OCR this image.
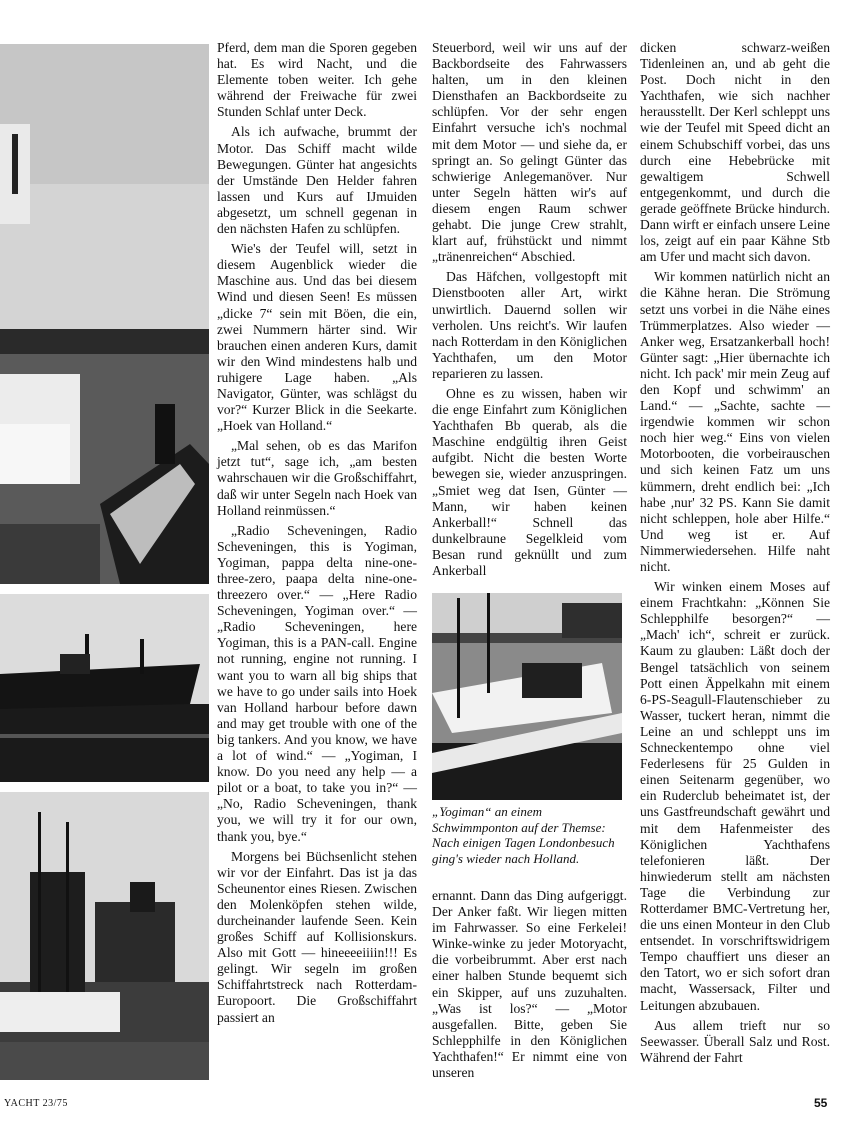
Pferd, dem man die Sporen gegeben hat. Es wird Nacht, und die Elemente toben weiter. Ich gehe während der Freiwache für zwei Stunden Schlaf unter Deck.

Als ich aufwache, brummt der Motor. Das Schiff macht wilde Bewegungen. Günter hat angesichts der Umstände Den Helder fahren lassen und Kurs auf IJmuiden abgesetzt, um schnell gegenan in den nächsten Hafen zu schlüpfen.

Wie's der Teufel will, setzt in diesem Augenblick wieder die Maschine aus. Und das bei diesem Wind und diesen Seen! Es müssen „dicke 7“ sein mit Böen, die ein, zwei Nummern härter sind. Wir brauchen einen anderen Kurs, damit wir den Wind mindestens halb und ruhigere Lage haben. „Als Navigator, Günter, was schlägst du vor?“ Kurzer Blick in die Seekarte. „Hoek van Holland.“

„Mal sehen, ob es das Marifon jetzt tut“, sage ich, „am besten wahrschauen wir die Großschiffahrt, daß wir unter Segeln nach Hoek van Holland reinmüssen.“

„Radio Scheveningen, Radio Scheveningen, this is Yogiman, Yogiman, pappa delta nine-one-three-zero, paapa delta nine-one-threezero over.“ — „Here Radio Scheveningen, Yogiman over.“ — „Radio Scheveningen, here Yogiman, this is a PAN-call. Engine not running, engine not running. I want you to warn all big ships that we have to go under sails into Hoek van Holland harbour before dawn and may get trouble with one of the big tankers. And you know, we have a lot of wind.“ — „Yogiman, I know. Do you need any help — a pilot or a boat, to take you in?“ — „No, Radio Scheveningen, thank you, we will try it for our own, thank you, bye.“

Morgens bei Büchsenlicht stehen wir vor der Einfahrt. Das ist ja das Scheunentor eines Riesen. Zwischen den Molenköpfen stehen wilde, durcheinander laufende Seen. Kein großes Schiff auf Kollisionskurs. Also mit Gott — hineeeeiiiin!!! Es gelingt. Wir segeln im großen Schiffahrtstreck nach Rotterdam-Europoort. Die Großschiffahrt passiert an

Steuerbord, weil wir uns auf der Backbordseite des Fahrwassers halten, um in den kleinen Diensthafen an Backbordseite zu schlüpfen. Vor der sehr engen Einfahrt versuche ich's nochmal mit dem Motor — und siehe da, er springt an. So gelingt Günter das schwierige Anlegemanöver. Nur unter Segeln hätten wir's auf diesem engen Raum schwer gehabt. Die junge Crew strahlt, klart auf, frühstückt und nimmt „tränenreichen“ Abschied.

Das Häfchen, vollgestopft mit Dienstbooten aller Art, wirkt unwirtlich. Dauernd sollen wir verholen. Uns reicht's. Wir laufen nach Rotterdam in den Königlichen Yachthafen, um den Motor reparieren zu lassen.

Ohne es zu wissen, haben wir die enge Einfahrt zum Königlichen Yachthafen Bb querab, als die Maschine endgültig ihren Geist aufgibt. Nicht die besten Worte bewegen sie, wieder anzuspringen. „Smiet weg dat Isen, Günter — Mann, wir haben keinen Ankerball!“ Schnell das dunkelbraune Segelkleid vom Besan rund geknüllt und zum Ankerball

„Yogiman“ an einem Schwimmponton auf der Themse: Nach einigen Tagen Londonbesuch ging's wieder nach Holland.

ernannt. Dann das Ding aufgeriggt. Der Anker faßt. Wir liegen mitten im Fahrwasser. So eine Ferkelei! Winke-winke zu jeder Motoryacht, die vorbeibrummt. Aber erst nach einer halben Stunde bequemt sich ein Skipper, auf uns zuzuhalten. „Was ist los?“ — „Motor ausgefallen. Bitte, geben Sie Schlepphilfe in den Königlichen Yachthafen!“ Er nimmt eine von unseren

dicken schwarz-weißen Tidenleinen an, und ab geht die Post. Doch nicht in den Yachthafen, wie sich nachher herausstellt. Der Kerl schleppt uns wie der Teufel mit Speed dicht an einem Schubschiff vorbei, das uns durch eine Hebebrücke mit gewaltigem Schwell entgegenkommt, und durch die gerade geöffnete Brücke hindurch. Dann wirft er einfach unsere Leine los, zeigt auf ein paar Kähne Stb am Ufer und macht sich davon.

Wir kommen natürlich nicht an die Kähne heran. Die Strömung setzt uns vorbei in die Nähe eines Trümmerplatzes. Also wieder — Anker weg, Ersatzankerball hoch! Günter sagt: „Hier übernachte ich nicht. Ich pack' mir mein Zeug auf den Kopf und schwimm' an Land.“ — „Sachte, sachte — irgendwie kommen wir schon noch hier weg.“ Eins von vielen Motorbooten, die vorbeirauschen und sich keinen Fatz um uns kümmern, dreht endlich bei: „Ich habe ,nur' 32 PS. Kann Sie damit nicht schleppen, hole aber Hilfe.“ Und weg ist er. Auf Nimmerwiedersehen. Hilfe naht nicht.

Wir winken einem Moses auf einem Frachtkahn: „Können Sie Schlepphilfe besorgen?“ — „Mach' ich“, schreit er zurück. Kaum zu glauben: Läßt doch der Bengel tatsächlich von seinem Pott einen Äppelkahn mit einem 6-PS-Seagull-Flautenschieber zu Wasser, tuckert heran, nimmt die Leine an und schleppt uns im Schneckentempo ohne viel Federlesens für 25 Gulden in einen Seitenarm gegenüber, wo ein Ruderclub beheimatet ist, der uns Gastfreundschaft gewährt und mit dem Hafenmeister des Königlichen Yachthafens telefonieren läßt. Der hinwiederum stellt am nächsten Tage die Verbindung zur Rotterdamer BMC-Vertretung her, die uns einen Monteur in den Club entsendet. In vorschriftswidrigem Tempo chauffiert uns dieser an den Tatort, wo er sich sofort dran macht, Wassersack, Filter und Leitungen abzubauen.

Aus allem trieft nur so Seewasser. Überall Salz und Rost. Während der Fahrt

YACHT 23/75	55
